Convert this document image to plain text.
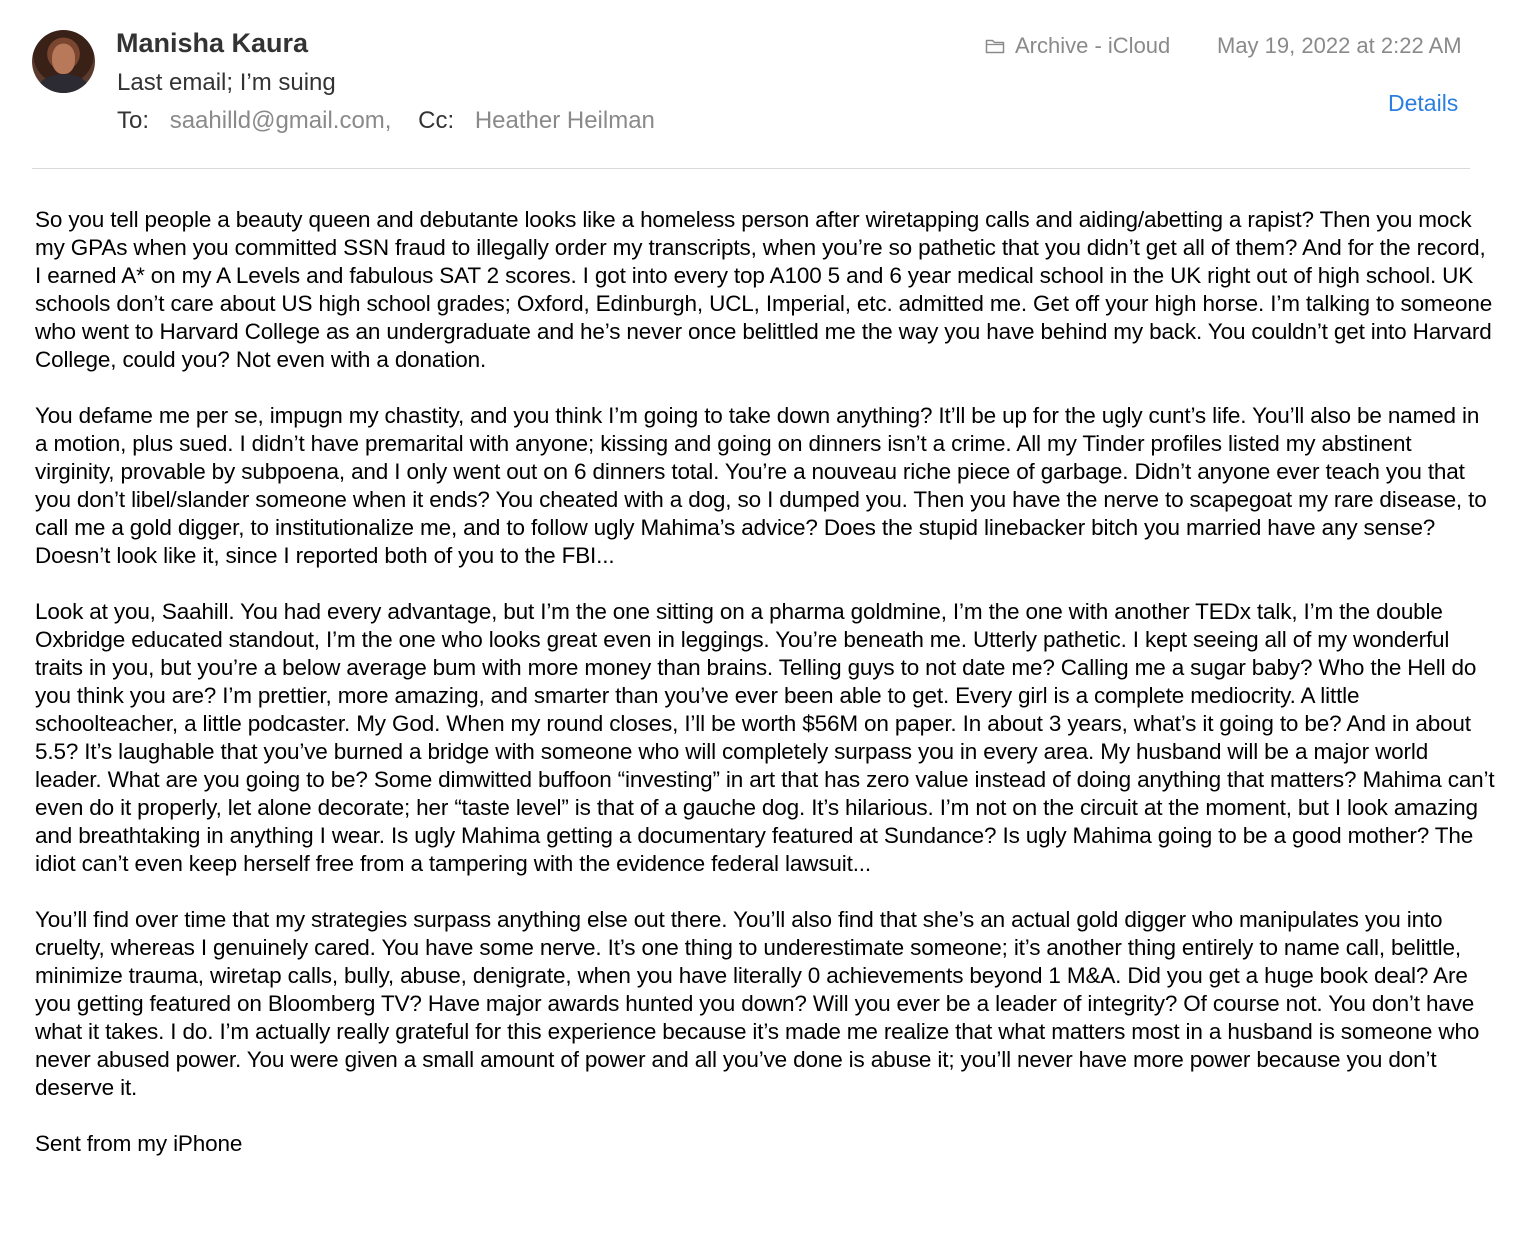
Manisha Kaura
Last email; I’m suing
To: saahilld@gmail.com, Cc: Heather Heilman
Archive - iCloud May 19, 2022 at 2:22 AM
Details

So you tell people a beauty queen and debutante looks like a homeless person after wiretapping calls and aiding/abetting a rapist? Then you mock my GPAs when you committed SSN fraud to illegally order my transcripts, when you’re so pathetic that you didn’t get all of them? And for the record, I earned A* on my A Levels and fabulous SAT 2 scores. I got into every top A100 5 and 6 year medical school in the UK right out of high school. UK schools don’t care about US high school grades; Oxford, Edinburgh, UCL, Imperial, etc. admitted me. Get off your high horse. I’m talking to someone who went to Harvard College as an undergraduate and he’s never once belittled me the way you have behind my back. You couldn’t get into Harvard College, could you? Not even with a donation.

You defame me per se, impugn my chastity, and you think I’m going to take down anything? It’ll be up for the ugly cunt’s life. You’ll also be named in a motion, plus sued. I didn’t have premarital with anyone; kissing and going on dinners isn’t a crime. All my Tinder profiles listed my abstinent virginity, provable by subpoena, and I only went out on 6 dinners total. You’re a nouveau riche piece of garbage. Didn’t anyone ever teach you that you don’t libel/slander someone when it ends? You cheated with a dog, so I dumped you. Then you have the nerve to scapegoat my rare disease, to call me a gold digger, to institutionalize me, and to follow ugly Mahima’s advice? Does the stupid linebacker bitch you married have any sense? Doesn’t look like it, since I reported both of you to the FBI...

Look at you, Saahill. You had every advantage, but I’m the one sitting on a pharma goldmine, I’m the one with another TEDx talk, I’m the double Oxbridge educated standout, I’m the one who looks great even in leggings. You’re beneath me. Utterly pathetic. I kept seeing all of my wonderful traits in you, but you’re a below average bum with more money than brains. Telling guys to not date me? Calling me a sugar baby? Who the Hell do you think you are? I’m prettier, more amazing, and smarter than you’ve ever been able to get. Every girl is a complete mediocrity. A little schoolteacher, a little podcaster. My God. When my round closes, I’ll be worth $56M on paper. In about 3 years, what’s it going to be? And in about 5.5? It’s laughable that you’ve burned a bridge with someone who will completely surpass you in every area. My husband will be a major world leader. What are you going to be? Some dimwitted buffoon “investing” in art that has zero value instead of doing anything that matters? Mahima can’t even do it properly, let alone decorate; her “taste level” is that of a gauche dog. It’s hilarious. I’m not on the circuit at the moment, but I look amazing and breathtaking in anything I wear. Is ugly Mahima getting a documentary featured at Sundance? Is ugly Mahima going to be a good mother? The idiot can’t even keep herself free from a tampering with the evidence federal lawsuit...

You’ll find over time that my strategies surpass anything else out there. You’ll also find that she’s an actual gold digger who manipulates you into cruelty, whereas I genuinely cared. You have some nerve. It’s one thing to underestimate someone; it’s another thing entirely to name call, belittle, minimize trauma, wiretap calls, bully, abuse, denigrate, when you have literally 0 achievements beyond 1 M&A. Did you get a huge book deal? Are you getting featured on Bloomberg TV? Have major awards hunted you down? Will you ever be a leader of integrity? Of course not. You don’t have what it takes. I do. I’m actually really grateful for this experience because it’s made me realize that what matters most in a husband is someone who never abused power. You were given a small amount of power and all you’ve done is abuse it; you’ll never have more power because you don’t deserve it.

Sent from my iPhone
